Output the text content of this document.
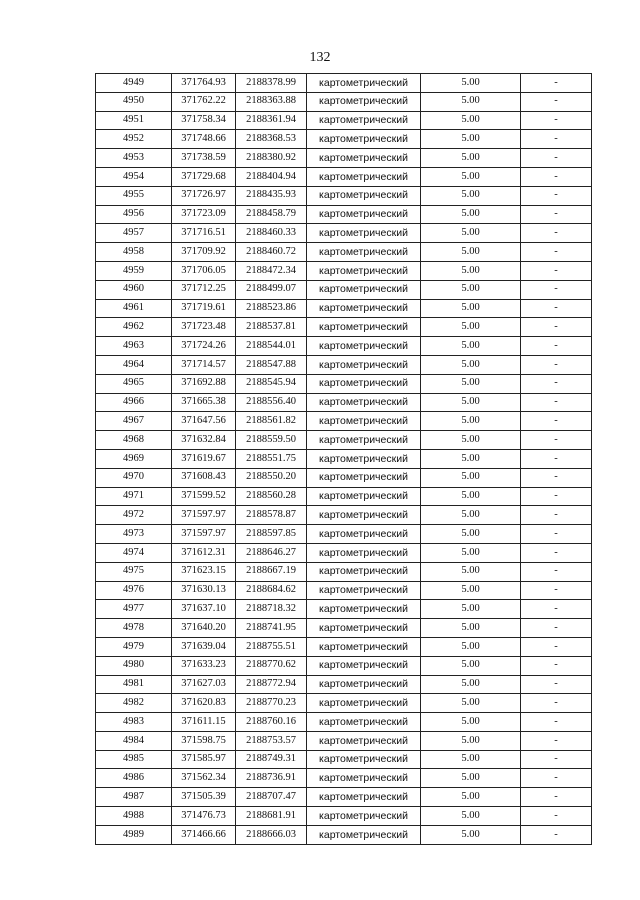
132
4949	371764.93	2188378.99	картометрический	5.00	-
4950	371762.22	2188363.88	картометрический	5.00	-
4951	371758.34	2188361.94	картометрический	5.00	-
4952	371748.66	2188368.53	картометрический	5.00	-
4953	371738.59	2188380.92	картометрический	5.00	-
4954	371729.68	2188404.94	картометрический	5.00	-
4955	371726.97	2188435.93	картометрический	5.00	-
4956	371723.09	2188458.79	картометрический	5.00	-
4957	371716.51	2188460.33	картометрический	5.00	-
4958	371709.92	2188460.72	картометрический	5.00	-
4959	371706.05	2188472.34	картометрический	5.00	-
4960	371712.25	2188499.07	картометрический	5.00	-
4961	371719.61	2188523.86	картометрический	5.00	-
4962	371723.48	2188537.81	картометрический	5.00	-
4963	371724.26	2188544.01	картометрический	5.00	-
4964	371714.57	2188547.88	картометрический	5.00	-
4965	371692.88	2188545.94	картометрический	5.00	-
4966	371665.38	2188556.40	картометрический	5.00	-
4967	371647.56	2188561.82	картометрический	5.00	-
4968	371632.84	2188559.50	картометрический	5.00	-
4969	371619.67	2188551.75	картометрический	5.00	-
4970	371608.43	2188550.20	картометрический	5.00	-
4971	371599.52	2188560.28	картометрический	5.00	-
4972	371597.97	2188578.87	картометрический	5.00	-
4973	371597.97	2188597.85	картометрический	5.00	-
4974	371612.31	2188646.27	картометрический	5.00	-
4975	371623.15	2188667.19	картометрический	5.00	-
4976	371630.13	2188684.62	картометрический	5.00	-
4977	371637.10	2188718.32	картометрический	5.00	-
4978	371640.20	2188741.95	картометрический	5.00	-
4979	371639.04	2188755.51	картометрический	5.00	-
4980	371633.23	2188770.62	картометрический	5.00	-
4981	371627.03	2188772.94	картометрический	5.00	-
4982	371620.83	2188770.23	картометрический	5.00	-
4983	371611.15	2188760.16	картометрический	5.00	-
4984	371598.75	2188753.57	картометрический	5.00	-
4985	371585.97	2188749.31	картометрический	5.00	-
4986	371562.34	2188736.91	картометрический	5.00	-
4987	371505.39	2188707.47	картометрический	5.00	-
4988	371476.73	2188681.91	картометрический	5.00	-
4989	371466.66	2188666.03	картометрический	5.00	-
